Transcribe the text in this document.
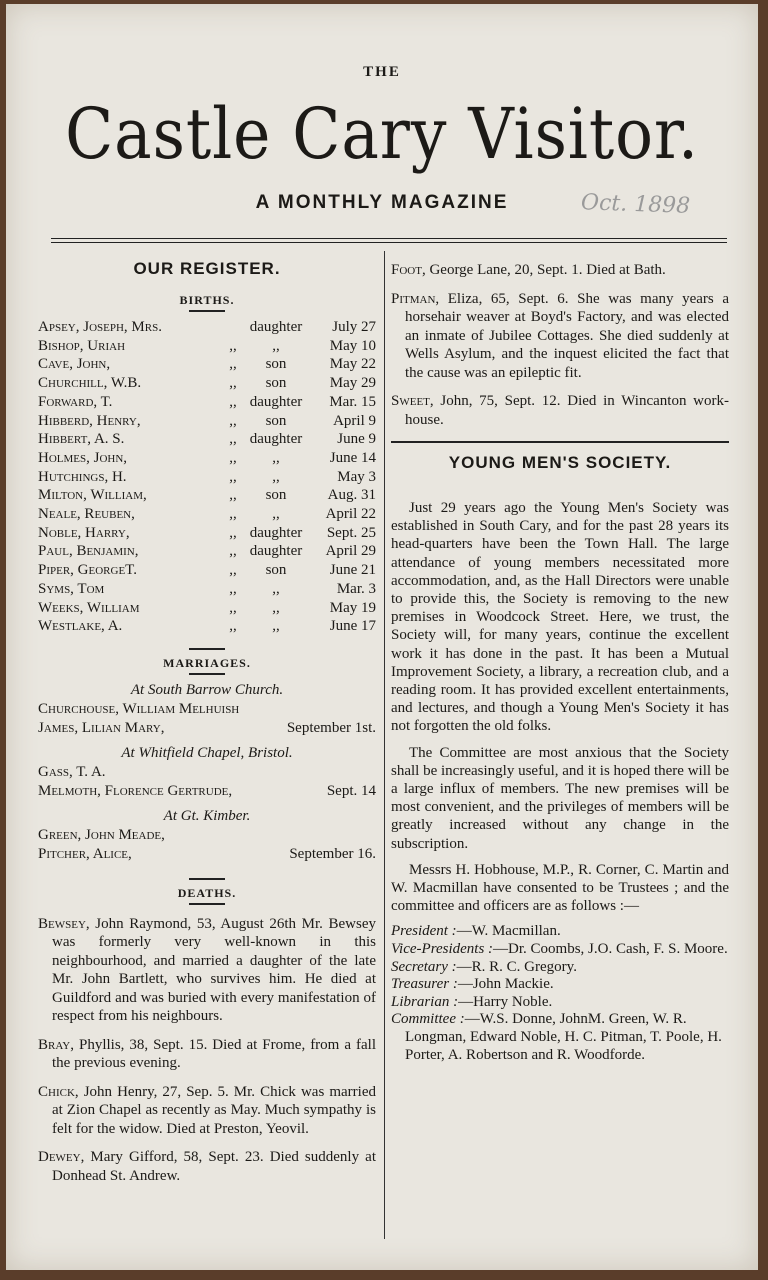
THE
Castle Cary Visitor.
A MONTHLY MAGAZINE	Oct. 1898
OUR REGISTER.
BIRTHS.
Apsey, Joseph, Mrs.	daughter	July 27
Bishop, Uriah	,,	,,	May 10
Cave, John,	,,	son	May 22
Churchill, W.B.	,,	son	May 29
Forward, T.	,, daughter	Mar. 15
Hibberd, Henry,	,,	son	April 9
Hibbert, A. S.	,, daughter	June 9
Holmes, John,	,,	,,	June 14
Hutchings, H.	,,	,,	May 3
Milton, William,	,,	son	Aug. 31
Neale, Reuben,	,,	,,	April 22
Noble, Harry,	,, daughter	Sept. 25
Paul, Benjamin,	,, daughter	April 29
Piper, GeorgeT.	,,	son	June 21
Syms, Tom	,,	,,	Mar. 3
Weeks, William	,,	,,	May 19
Westlake, A.	,,	,,	June 17
MARRIAGES.
At South Barrow Church.
Churchouse, William Melhuish
James, Lilian Mary,	September 1st.
At Whitfield Chapel, Bristol.
Gass, T. A.
Melmoth, Florence Gertrude,	Sept. 14
At Gt. Kimber.
Green, John Meade,
Pitcher, Alice,	September 16.
DEATHS.
Bewsey, John Raymond, 53, August 26th Mr. Bewsey was formerly very well-known in this neighbourhood, and married a daughter of the late Mr. John Bartlett, who survives him. He died at Guildford and was buried with every manifestation of respect from his neighbours.
Bray, Phyllis, 38, Sept. 15. Died at Frome, from a fall the previous evening.
Chick, John Henry, 27, Sep. 5. Mr. Chick was married at Zion Chapel as recently as May. Much sympathy is felt for the widow. Died at Preston, Yeovil.
Dewey, Mary Gifford, 58, Sept. 23. Died suddenly at Donhead St. Andrew.
Foot, George Lane, 20, Sept. 1. Died at Bath.
Pitman, Eliza, 65, Sept. 6. She was many years a horsehair weaver at Boyd's Factory, and was elected an inmate of Jubilee Cottages. She died suddenly at Wells Asylum, and the inquest elicited the fact that the cause was an epileptic fit.
Sweet, John, 75, Sept. 12. Died in Wincanton work-house.
YOUNG MEN'S SOCIETY.

Just 29 years ago the Young Men's Society was established in South Cary, and for the past 28 years its head-quarters have been the Town Hall. The large attendance of young members necessitated more accommodation, and, as the Hall Directors were unable to provide this, the Society is removing to the new premises in Woodcock Street. Here, we trust, the Society will, for many years, continue the excellent work it has done in the past. It has been a Mutual Improvement Society, a library, a recreation club, and a reading room. It has provided excellent entertainments, and lectures, and though a Young Men's Society it has not forgotten the old folks.

The Committee are most anxious that the Society shall be increasingly useful, and it is hoped there will be a large influx of members. The new premises will be most convenient, and the privileges of members will be greatly increased without any change in the subscription.

Messrs H. Hobhouse, M.P., R. Corner, C. Martin and W. Macmillan have consented to be Trustees ; and the committee and officers are as follows :—

President :—W. Macmillan.
Vice-Presidents :—Dr. Coombs, J.O. Cash, F. S. Moore.
Secretary :—R. R. C. Gregory.
Treasurer :—John Mackie.
Librarian :—Harry Noble.
Committee :—W.S. Donne, JohnM. Green, W. R. Longman, Edward Noble, H. C. Pitman, T. Poole, H. Porter, A. Robertson and R. Woodforde.
